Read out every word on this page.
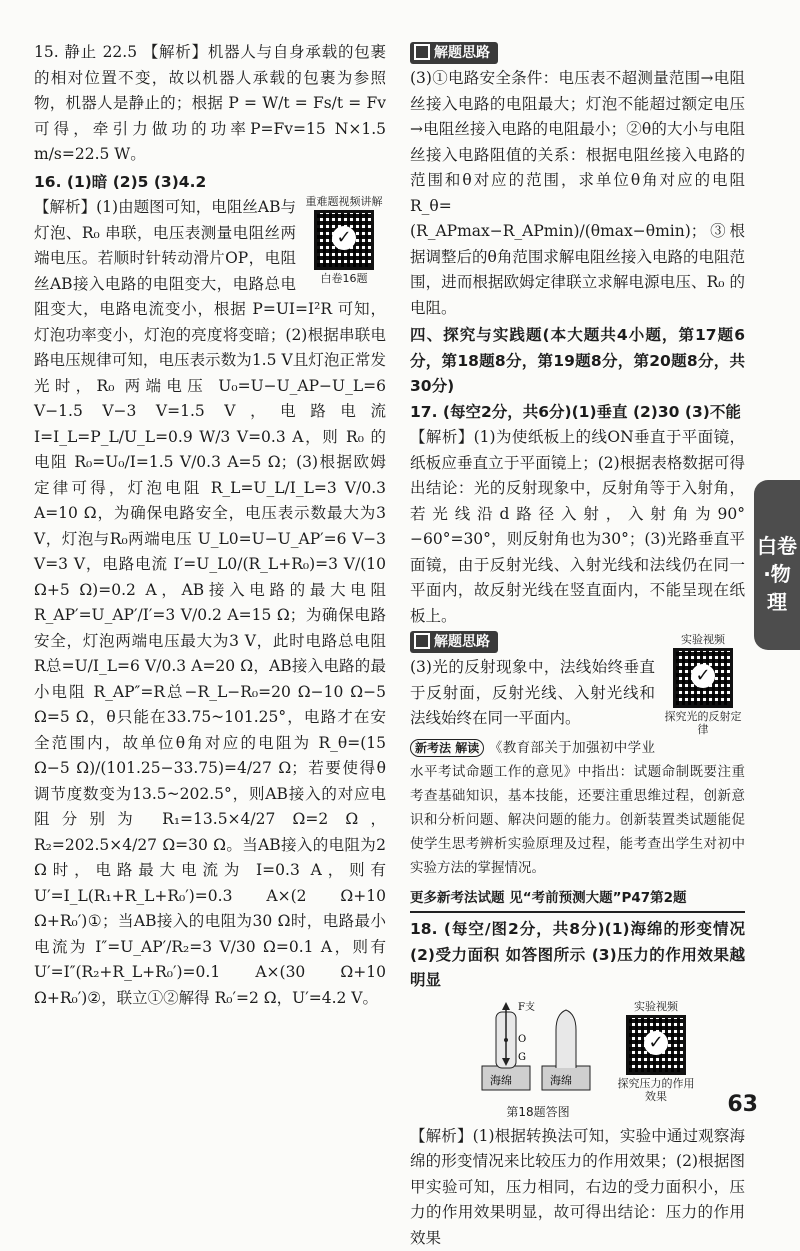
15. 静止 22.5 【解析】机器人与自身承载的包裹的相对位置不变，故以机器人承载的包裹为参照物，机器人是静止的；根据 P = W/t = Fs/t = Fv 可得，牵引力做功的功率P=Fv=15 N×1.5 m/s=22.5 W。

16. (1)暗 (2)5 (3)4.2

重难题视频讲解
✓
白卷16题

【解析】(1)由题图可知，电阻丝AB与灯泡、R₀ 串联，电压表测量电阻丝两端电压。若顺时针转动滑片OP，电阻丝AB接入电路的电阻变大，电路总电阻变大，电路电流变小，根据 P=UI=I²R 可知，灯泡功率变小，灯泡的亮度将变暗；(2)根据串联电路电压规律可知，电压表示数为1.5 V且灯泡正常发光时，R₀ 两端电压 U₀=U−U_AP−U_L=6 V−1.5 V−3 V=1.5 V，电路电流 I=I_L=P_L/U_L=0.9 W/3 V=0.3 A，则 R₀ 的电阻 R₀=U₀/I=1.5 V/0.3 A=5 Ω；(3)根据欧姆定律可得，灯泡电阻 R_L=U_L/I_L=3 V/0.3 A=10 Ω，为确保电路安全，电压表示数最大为3 V，灯泡与R₀两端电压 U_L0=U−U_AP′=6 V−3 V=3 V，电路电流 I′=U_L0/(R_L+R₀)=3 V/(10 Ω+5 Ω)=0.2 A，AB接入电路的最大电阻 R_AP′=U_AP′/I′=3 V/0.2 A=15 Ω；为确保电路安全，灯泡两端电压最大为3 V，此时电路总电阻 R总=U/I_L=6 V/0.3 A=20 Ω，AB接入电路的最小电阻 R_AP″=R总−R_L−R₀=20 Ω−10 Ω−5 Ω=5 Ω，θ只能在33.75~101.25°，电路才在安全范围内，故单位θ角对应的电阻为 R_θ=(15 Ω−5 Ω)/(101.25−33.75)=4/27 Ω；若要使得θ调节度数变为13.5~202.5°，则AB接入的对应电阻分别为 R₁=13.5×4/27 Ω=2 Ω，R₂=202.5×4/27 Ω=30 Ω。当AB接入的电阻为2 Ω时，电路最大电流为 I=0.3 A，则有 U′=I_L(R₁+R_L+R₀′)=0.3 A×(2 Ω+10 Ω+R₀′)①；当AB接入的电阻为30 Ω时，电路最小电流为 I″=U_AP′/R₂=3 V/30 Ω=0.1 A，则有 U′=I″(R₂+R_L+R₀′)=0.1 A×(30 Ω+10 Ω+R₀′)②，联立①②解得 R₀′=2 Ω，U′=4.2 V。

解题思路

(3)①电路安全条件：电压表不超测量范围→电阻丝接入电路的电阻最大；灯泡不能超过额定电压→电阻丝接入电路的电阻最小；②θ的大小与电阻丝接入电路阻值的关系：根据电阻丝接入电路的范围和θ对应的范围，求单位θ角对应的电阻 R_θ=(R_APmax−R_APmin)/(θmax−θmin)；③根据调整后的θ角范围求解电阻丝接入电路的电阻范围，进而根据欧姆定律联立求解电源电压、R₀ 的电阻。

四、探究与实践题(本大题共4小题，第17题6分，第18题8分，第19题8分，第20题8分，共30分)

17. (每空2分，共6分)(1)垂直 (2)30 (3)不能

【解析】(1)为使纸板上的线ON垂直于平面镜，纸板应垂直立于平面镜上；(2)根据表格数据可得出结论：光的反射现象中，反射角等于入射角，若光线沿d路径入射，入射角为90°−60°=30°，则反射角也为30°；(3)光路垂直平面镜，由于反射光线、入射光线和法线仍在同一平面内，故反射光线在竖直面内，不能呈现在纸板上。

实验视频
✓
探究光的反射定律
解题思路

(3)光的反射现象中，法线始终垂直于反射面，反射光线、入射光线和法线始终在同一平面内。

新考法 解读 《教育部关于加强初中学业水平考试命题工作的意见》中指出：试题命制既要注重考查基础知识，基本技能，还要注重思维过程，创新意识和分析问题、解决问题的能力。创新装置类试题能促使学生思考辨析实验原理及过程，能考查出学生对初中实验方法的掌握情况。

更多新考法试题 见“考前预测大题”P47第2题

18. (每空/图2分，共8分)(1)海绵的形变情况 (2)受力面积 如答图所示 (3)压力的作用效果越明显

F支
O
G
海绵	海绵
第18题答图
实验视频
✓
探究压力的作用效果

【解析】(1)根据转换法可知，实验中通过观察海绵的形变情况来比较压力的作用效果；(2)根据图甲实验可知，压力相同，右边的受力面积小，压力的作用效果明显，故可得出结论：压力的作用效果

白卷·物理
63
